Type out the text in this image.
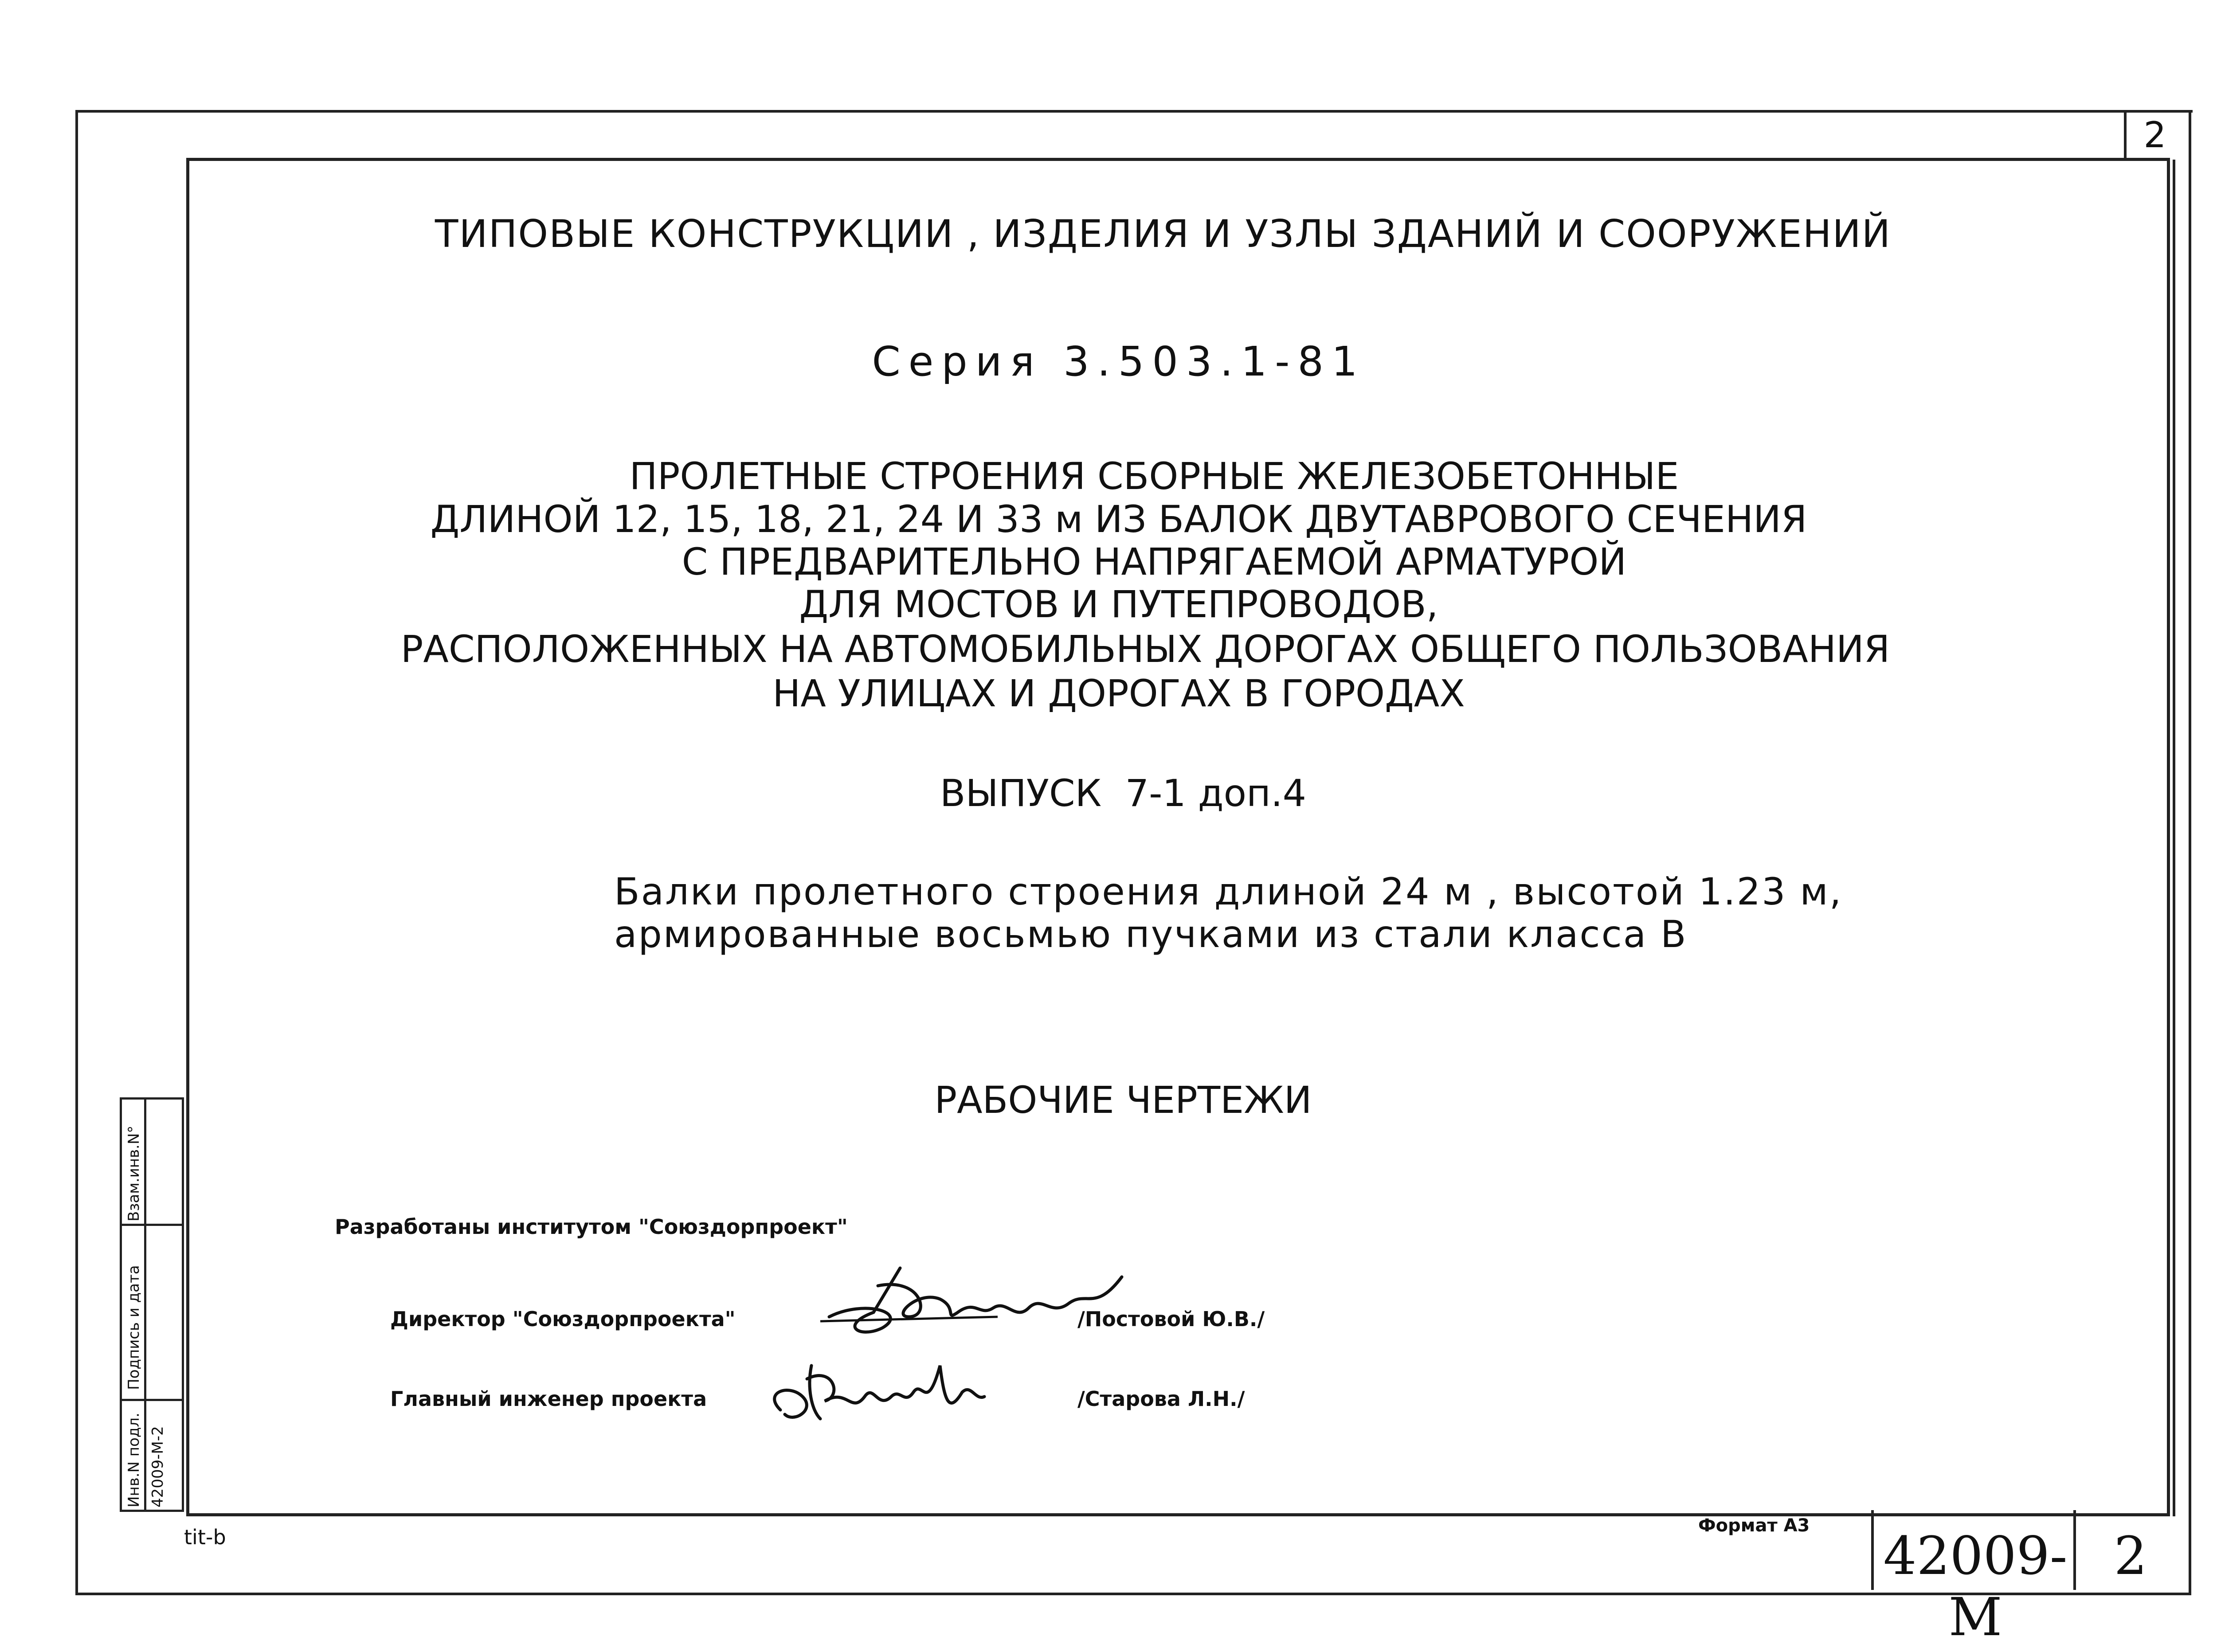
2
ТИПОВЫЕ КОНСТРУКЦИИ , ИЗДЕЛИЯ И УЗЛЫ ЗДАНИЙ И СООРУЖЕНИЙ
Серия 3.503.1-81
ПРОЛЕТНЫЕ СТРОЕНИЯ СБОРНЫЕ ЖЕЛЕЗОБЕТОННЫЕ
ДЛИНОЙ 12, 15, 18, 21, 24 И 33 м ИЗ БАЛОК ДВУТАВРОВОГО СЕЧЕНИЯ
С ПРЕДВАРИТЕЛЬНО НАПРЯГАЕМОЙ АРМАТУРОЙ
ДЛЯ МОСТОВ И ПУТЕПРОВОДОВ,
РАСПОЛОЖЕННЫХ НА АВТОМОБИЛЬНЫХ ДОРОГАХ ОБЩЕГО ПОЛЬЗОВАНИЯ
НА УЛИЦАХ И ДОРОГАХ В ГОРОДАХ
ВЫПУСК  7-1 доп.4
Балки пролетного строения длиной 24 м , высотой 1.23 м,
армированные восьмью пучками из стали класса В
РАБОЧИЕ ЧЕРТЕЖИ
Разработаны институтом "Союздорпроект"
Директор "Союздорпроекта"	/Постовой Ю.В./
Главный инженер проекта	/Старова Л.Н./
Взам.инв.N°
Подпись и дата
Инв.N подл. 42009-М-2
tit-b	Формат А3 42009-М
2
